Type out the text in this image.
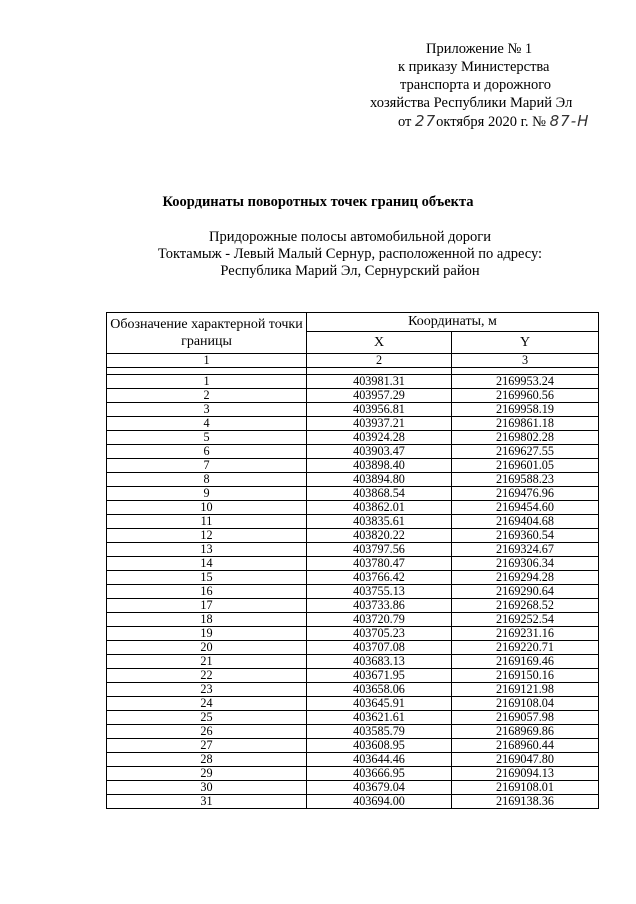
Приложение № 1
к приказу Министерства
транспорта и дорожного
хозяйства Республики Марий Эл
от 27октября 2020 г. № 87-Н
Координаты поворотных точек границ объекта
Придорожные полосы автомобильной дороги
Токтамыж - Левый Малый Сернур, расположенной по адресу:
Республика Марий Эл, Сернурский район
Обозначение характерной точки границы	Координаты, м	
	X	Y
1	2	3

1	403981.31	2169953.24
2	403957.29	2169960.56
3	403956.81	2169958.19
4	403937.21	2169861.18
5	403924.28	2169802.28
6	403903.47	2169627.55
7	403898.40	2169601.05
8	403894.80	2169588.23
9	403868.54	2169476.96
10	403862.01	2169454.60
11	403835.61	2169404.68
12	403820.22	2169360.54
13	403797.56	2169324.67
14	403780.47	2169306.34
15	403766.42	2169294.28
16	403755.13	2169290.64
17	403733.86	2169268.52
18	403720.79	2169252.54
19	403705.23	2169231.16
20	403707.08	2169220.71
21	403683.13	2169169.46
22	403671.95	2169150.16
23	403658.06	2169121.98
24	403645.91	2169108.04
25	403621.61	2169057.98
26	403585.79	2168969.86
27	403608.95	2168960.44
28	403644.46	2169047.80
29	403666.95	2169094.13
30	403679.04	2169108.01
31	403694.00	2169138.36
